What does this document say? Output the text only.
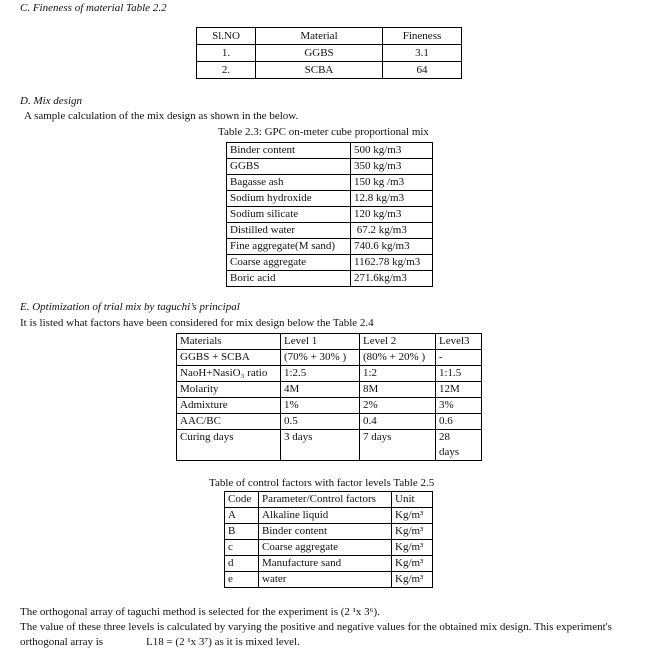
C. Fineness of material Table 2.2
Sl.NO	Material	Fineness
1.	GGBS	3.1
2.	SCBA	64
D. Mix design
A sample calculation of the mix design as shown in the below.
Table 2.3: GPC on-meter cube proportional mix
Binder content	500 kg/m3
GGBS	350 kg/m3
Bagasse ash	150 kg /m3
Sodium hydroxide	12.8 kg/m3
Sodium silicate	120 kg/m3
Distilled water	67.2 kg/m3
Fine aggregate(M sand)	740.6 kg/m3
Coarse aggregate	1162.78 kg/m3
Boric acid	271.6kg/m3
E. Optimization of trial mix by taguchi’s principal
It is listed what factors have been considered for mix design below the Table 2.4
Materials	Level 1	Level 2	Level3
GGBS + SCBA	(70% + 30% )	(80% + 20% )	-
NaoH+NasiO₃ ratio	1:2.5	1:2	1:1.5
Molarity	4M	8M	12M
Admixture	1%	2%	3%
AAC/BC	0.5	0.4	0.6
Curing days	3 days	7 days	28
days
Table of control factors with factor levels Table 2.5
Code	Parameter/Control factors	Unit
A	Alkaline liquid	Kg/m³
B	Binder content	Kg/m³
c	Coarse aggregate	Kg/m³
d	Manufacture sand	Kg/m³
e	water	Kg/m³
The orthogonal array of taguchi method is selected for the experiment is (2 ¹x 3⁶).
The value of these three levels is calculated by varying the positive and negative values for the obtained mix design. This experiment's
orthogonal array is	L18 = (2 ¹x 3⁷) as it is mixed level.
